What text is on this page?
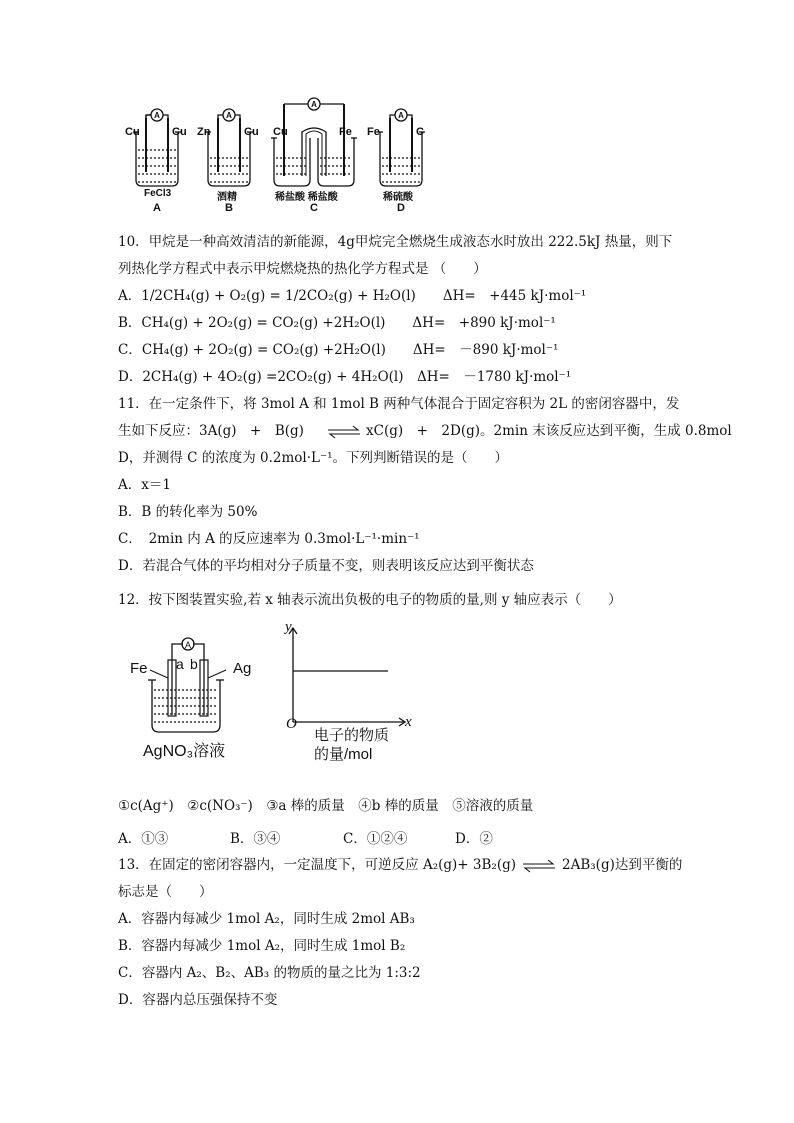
A	A
A
A
Cu	Cu Zn	Cu Cu	Fe Fe	C
FeCl3	酒精	稀盐酸 稀盐酸	稀硫酸
A	B	C	D
10．甲烷是一种高效清洁的新能源，4g甲烷完全燃烧生成液态水时放出 222.5kJ 热量，则下
列热化学方程式中表示甲烷燃烧热的热化学方程式是 （　　）
A．1/2CH₄(g) + O₂(g) = 1/2CO₂(g) + H₂O(l)　　ΔH=　+445 kJ·mol⁻¹
B．CH₄(g) + 2O₂(g) = CO₂(g) +2H₂O(l)　　ΔH=　+890 kJ·mol⁻¹
C．CH₄(g) + 2O₂(g) = CO₂(g) +2H₂O(l)　　ΔH=　－890 kJ·mol⁻¹
D．2CH₄(g) + 4O₂(g) =2CO₂(g) + 4H₂O(l)　ΔH=　－1780 kJ·mol⁻¹
11．在一定条件下，将 3mol A 和 1mol B 两种气体混合于固定容积为 2L 的密闭容器中，发
生如下反应：3A(g)　+　B(g) ⇌ xC(g)　+　2D(g)。2min 末该反应达到平衡，生成 0.8mol
D，并测得 C 的浓度为 0.2mol·L⁻¹。下列判断错误的是（　　）
A．x＝1
B．B 的转化率为 50%
C．　2min 内 A 的反应速率为 0.3mol·L⁻¹·min⁻¹
D．若混合气体的平均相对分子质量不变，则表明该反应达到平衡状态
12．按下图装置实验,若 x 轴表示流出负极的电子的物质的量,则 y 轴应表示（　　）
A
Fe	Ag
a b
AgNO₃溶液
y
O	x
电子的物质
的量/mol
①c(Ag⁺)　②c(NO₃⁻)　③a 棒的质量　④b 棒的质量　⑤溶液的质量
A．①③	B．③④	C．①②④	D．②
13．在固定的密闭容器内，一定温度下，可逆反应 A₂(g)+ 3B₂(g) ⇌ 2AB₃(g)达到平衡的
标志是（　　）
A．容器内每减少 1mol A₂，同时生成 2mol AB₃
B．容器内每减少 1mol A₂，同时生成 1mol B₂
C．容器内 A₂、B₂、AB₃ 的物质的量之比为 1:3:2
D．容器内总压强保持不变
